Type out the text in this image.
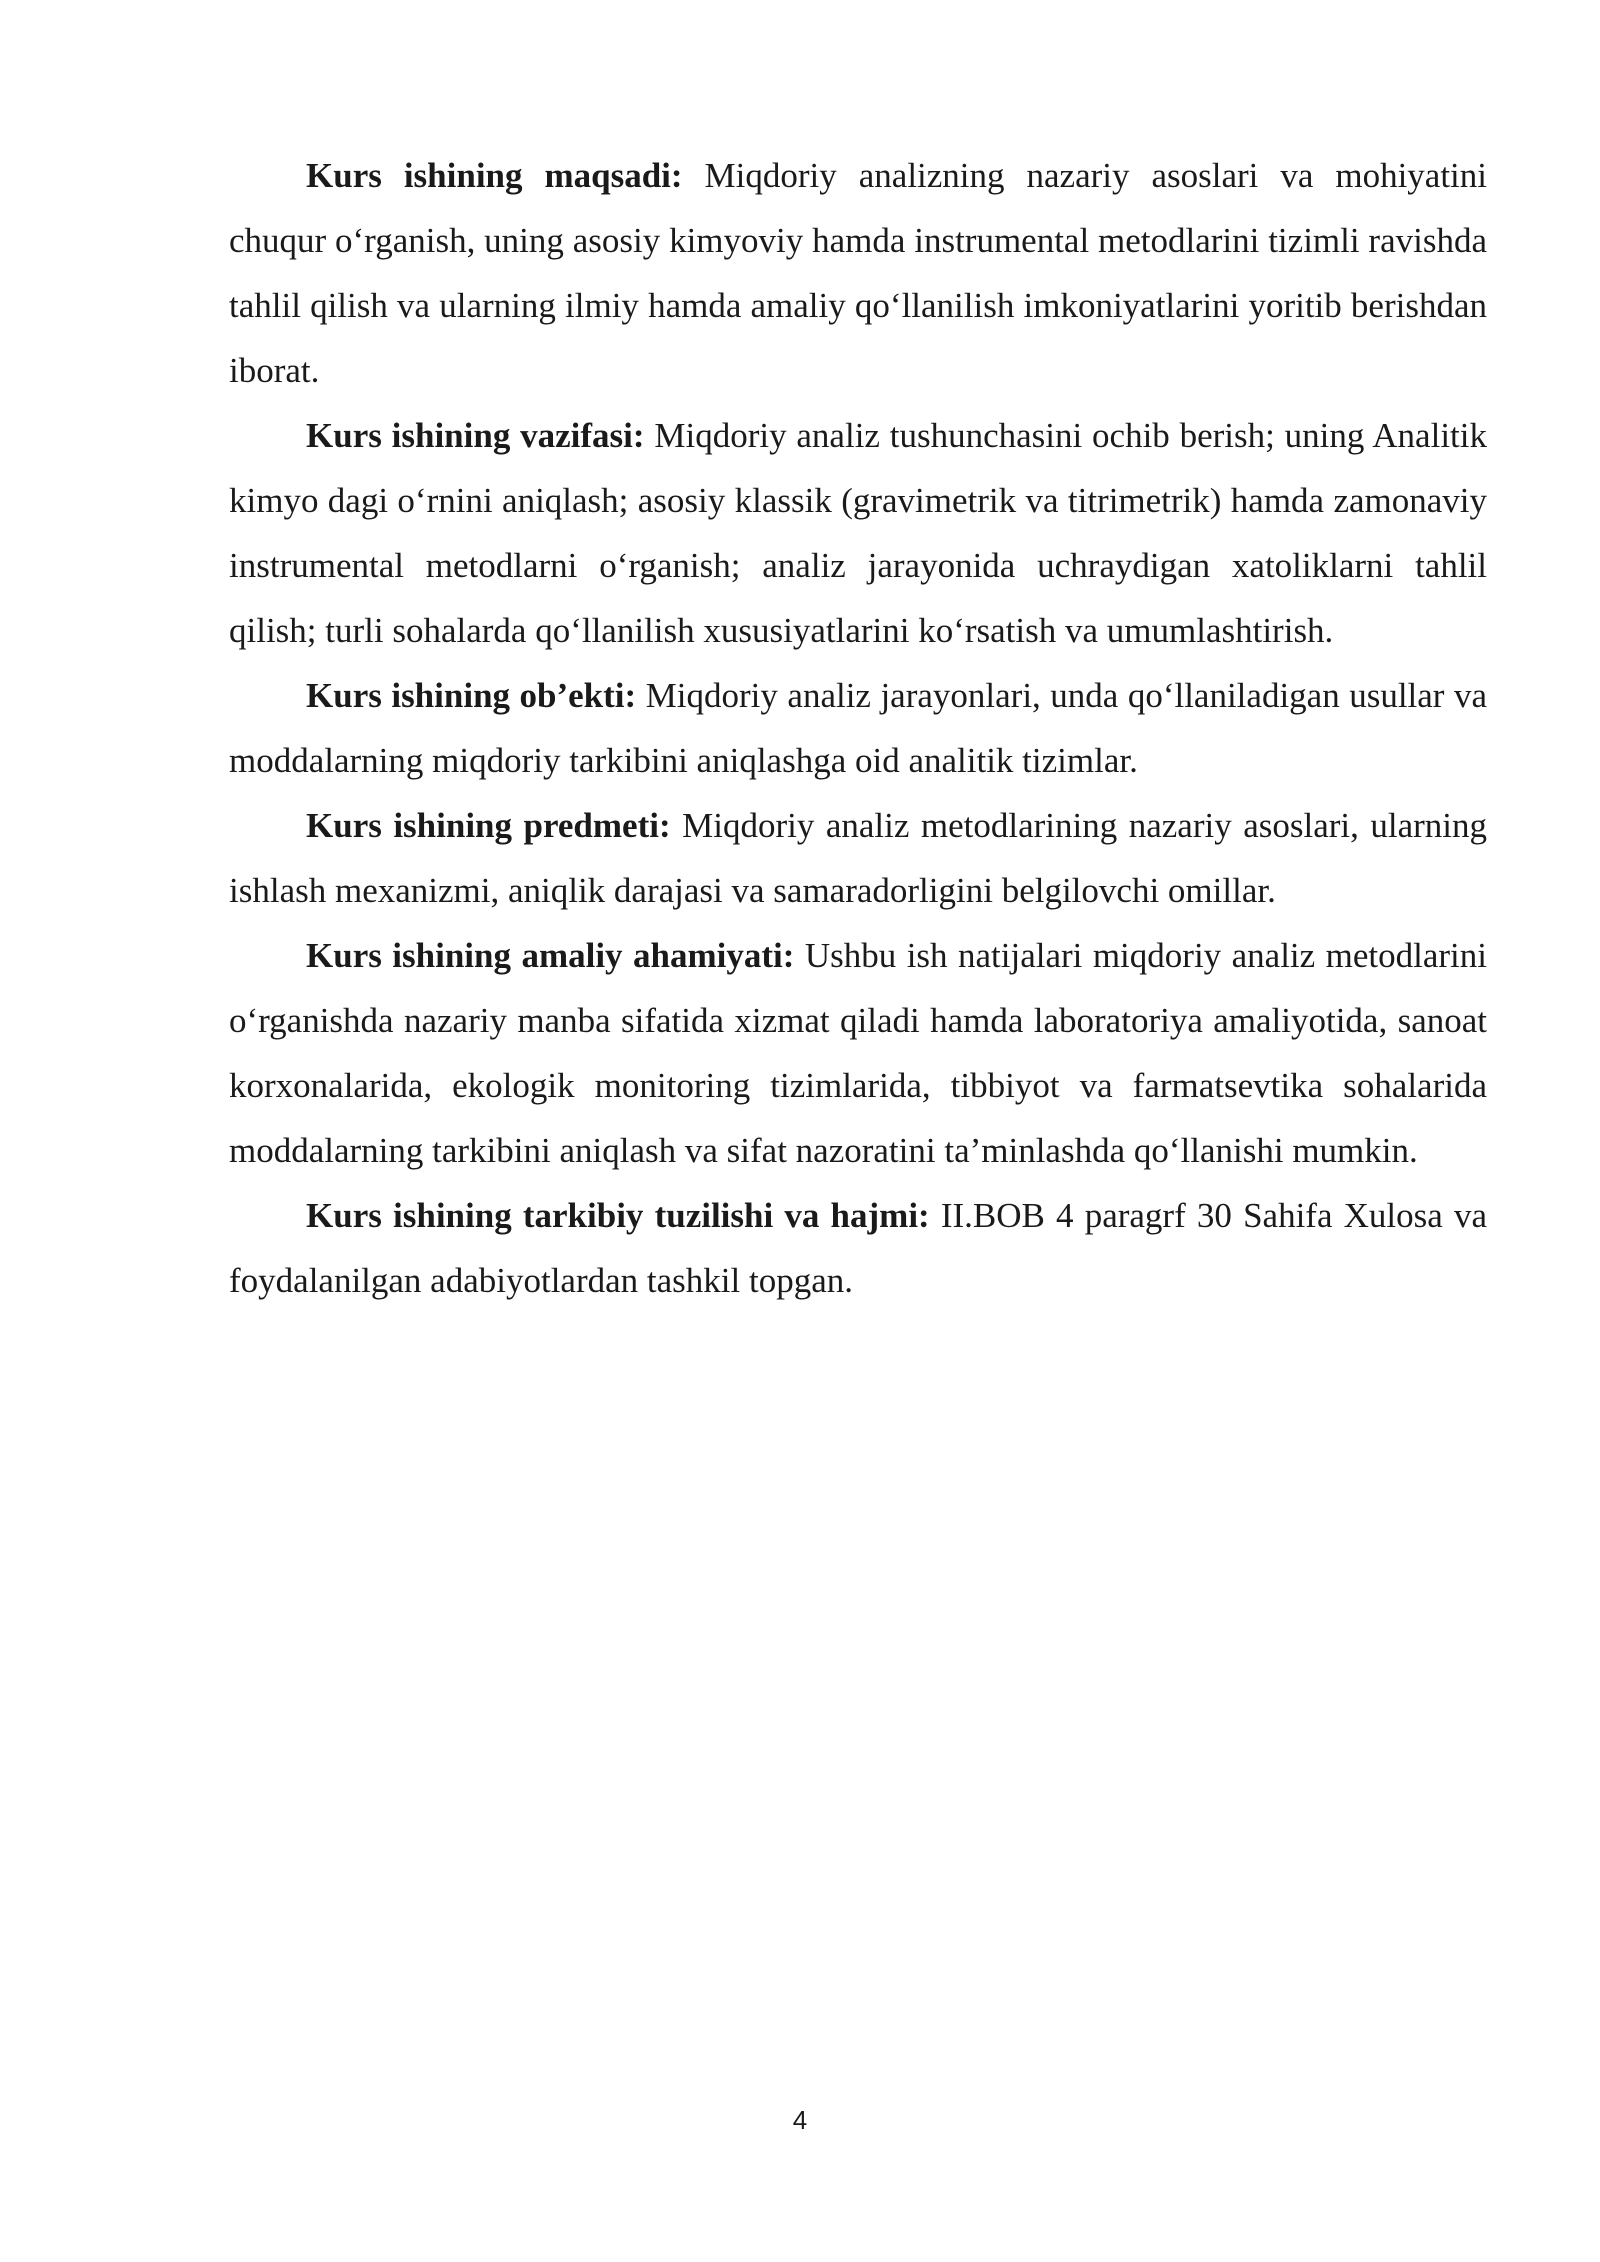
Kurs ishining maqsadi: Miqdoriy analizning nazariy asoslari va mohiyatini chuqur o‘rganish, uning asosiy kimyoviy hamda instrumental metodlarini tizimli ravishda tahlil qilish va ularning ilmiy hamda amaliy qo‘llanilish imkoniyatlarini yoritib berishdan iborat.

Kurs ishining vazifasi: Miqdoriy analiz tushunchasini ochib berish; uning Analitik kimyo dagi o‘rnini aniqlash; asosiy klassik (gravimetrik va titrimetrik) hamda zamonaviy instrumental metodlarni o‘rganish; analiz jarayonida uchraydigan xatoliklarni tahlil qilish; turli sohalarda qo‘llanilish xususiyatlarini ko‘rsatish va umumlashtirish.

Kurs ishining ob’ekti: Miqdoriy analiz jarayonlari, unda qo‘llaniladigan usullar va moddalarning miqdoriy tarkibini aniqlashga oid analitik tizimlar.

Kurs ishining predmeti: Miqdoriy analiz metodlarining nazariy asoslari, ularning ishlash mexanizmi, aniqlik darajasi va samaradorligini belgilovchi omillar.

Kurs ishining amaliy ahamiyati: Ushbu ish natijalari miqdoriy analiz metodlarini o‘rganishda nazariy manba sifatida xizmat qiladi hamda laboratoriya amaliyotida, sanoat korxonalarida, ekologik monitoring tizimlarida, tibbiyot va farmatsevtika sohalarida moddalarning tarkibini aniqlash va sifat nazoratini ta’minlashda qo‘llanishi mumkin.

Kurs ishining tarkibiy tuzilishi va hajmi: II.BOB 4 paragrf 30 Sahifa Xulosa va foydalanilgan adabiyotlardan tashkil topgan.

4
